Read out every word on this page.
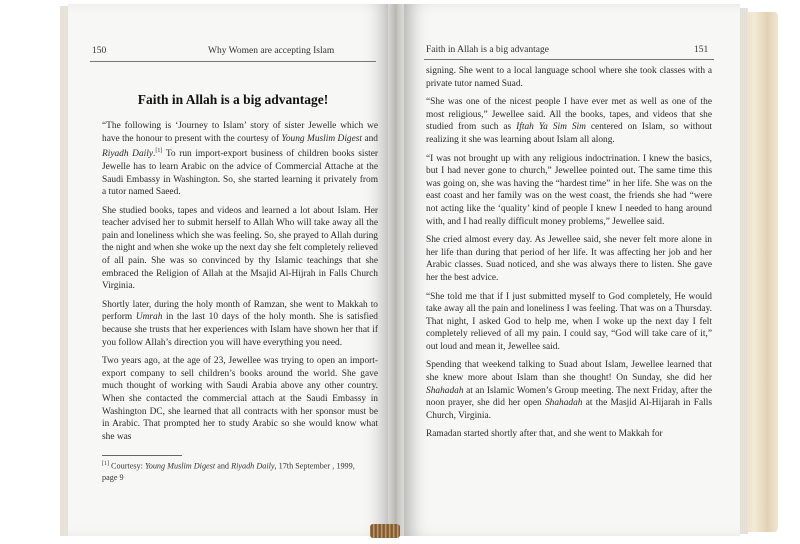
150	Why Women are accepting Islam
Faith in Allah is a big advantage!

“The following is ‘Journey to Islam’ story of sister Jewelle which we have the honour to present with the courtesy of Young Muslim Digest and Riyadh Daily.[1] To run import-export business of children books sister Jewelle has to learn Arabic on the advice of Commercial Attache at the Saudi Embassy in Washington. So, she started learning it privately from a tutor named Saeed.

She studied books, tapes and videos and learned a lot about Islam. Her teacher advised her to submit herself to Allah Who will take away all the pain and loneliness which she was feeling. So, she prayed to Allah during the night and when she woke up the next day she felt completely relieved of all pain. She was so convinced by thy Islamic teachings that she embraced the Religion of Allah at the Msajid Al-Hijrah in Falls Church Virginia.

Shortly later, during the holy month of Ramzan, she went to Makkah to perform Umrah in the last 10 days of the holy month. She is satisfied because she trusts that her experiences with Islam have shown her that if you follow Allah’s direction you will have everything you need.

Two years ago, at the age of 23, Jewellee was trying to open an import-export company to sell children’s books around the world. She gave much thought of working with Saudi Arabia above any other country. When she contacted the commercial attach at the Saudi Embassy in Washington DC, she learned that all contracts with her sponsor must be in Arabic. That prompted her to study Arabic so she would know what she was

[1] Courtesy: Young Muslim Digest and Riyadh Daily, 17th September , 1999, page 9
Faith in Allah is a big advantage	151

signing. She went to a local language school where she took classes with a private tutor named Suad.

“She was one of the nicest people I have ever met as well as one of the most religious,” Jewellee said. All the books, tapes, and videos that she studied from such as Iftah Ya Sim Sim centered on Islam, so without realizing it she was learning about Islam all along.

“I was not brought up with any religious indoctrination. I knew the basics, but I had never gone to church,” Jewellee pointed out. The same time this was going on, she was having the “hardest time” in her life. She was on the east coast and her family was on the west coast, the friends she had “were not acting like the ‘quality’ kind of people I knew I needed to hang around with, and I had really difficult money problems,” Jewellee said.

She cried almost every day. As Jewellee said, she never felt more alone in her life than during that period of her life. It was affecting her job and her Arabic classes. Suad noticed, and she was always there to listen. She gave her the best advice.

“She told me that if I just submitted myself to God completely, He would take away all the pain and loneliness I was feeling. That was on a Thursday. That night, I asked God to help me, when I woke up the next day I felt completely relieved of all my pain. I could say, “God will take care of it,” out loud and mean it, Jewellee said.

Spending that weekend talking to Suad about Islam, Jewellee learned that she knew more about Islam than she thought! On Sunday, she did her Shahadah at an Islamic Women’s Group meeting. The next Friday, after the noon prayer, she did her open Shahadah at the Masjid Al-Hijarah in Falls Church, Virginia.

Ramadan started shortly after that, and she went to Makkah for
